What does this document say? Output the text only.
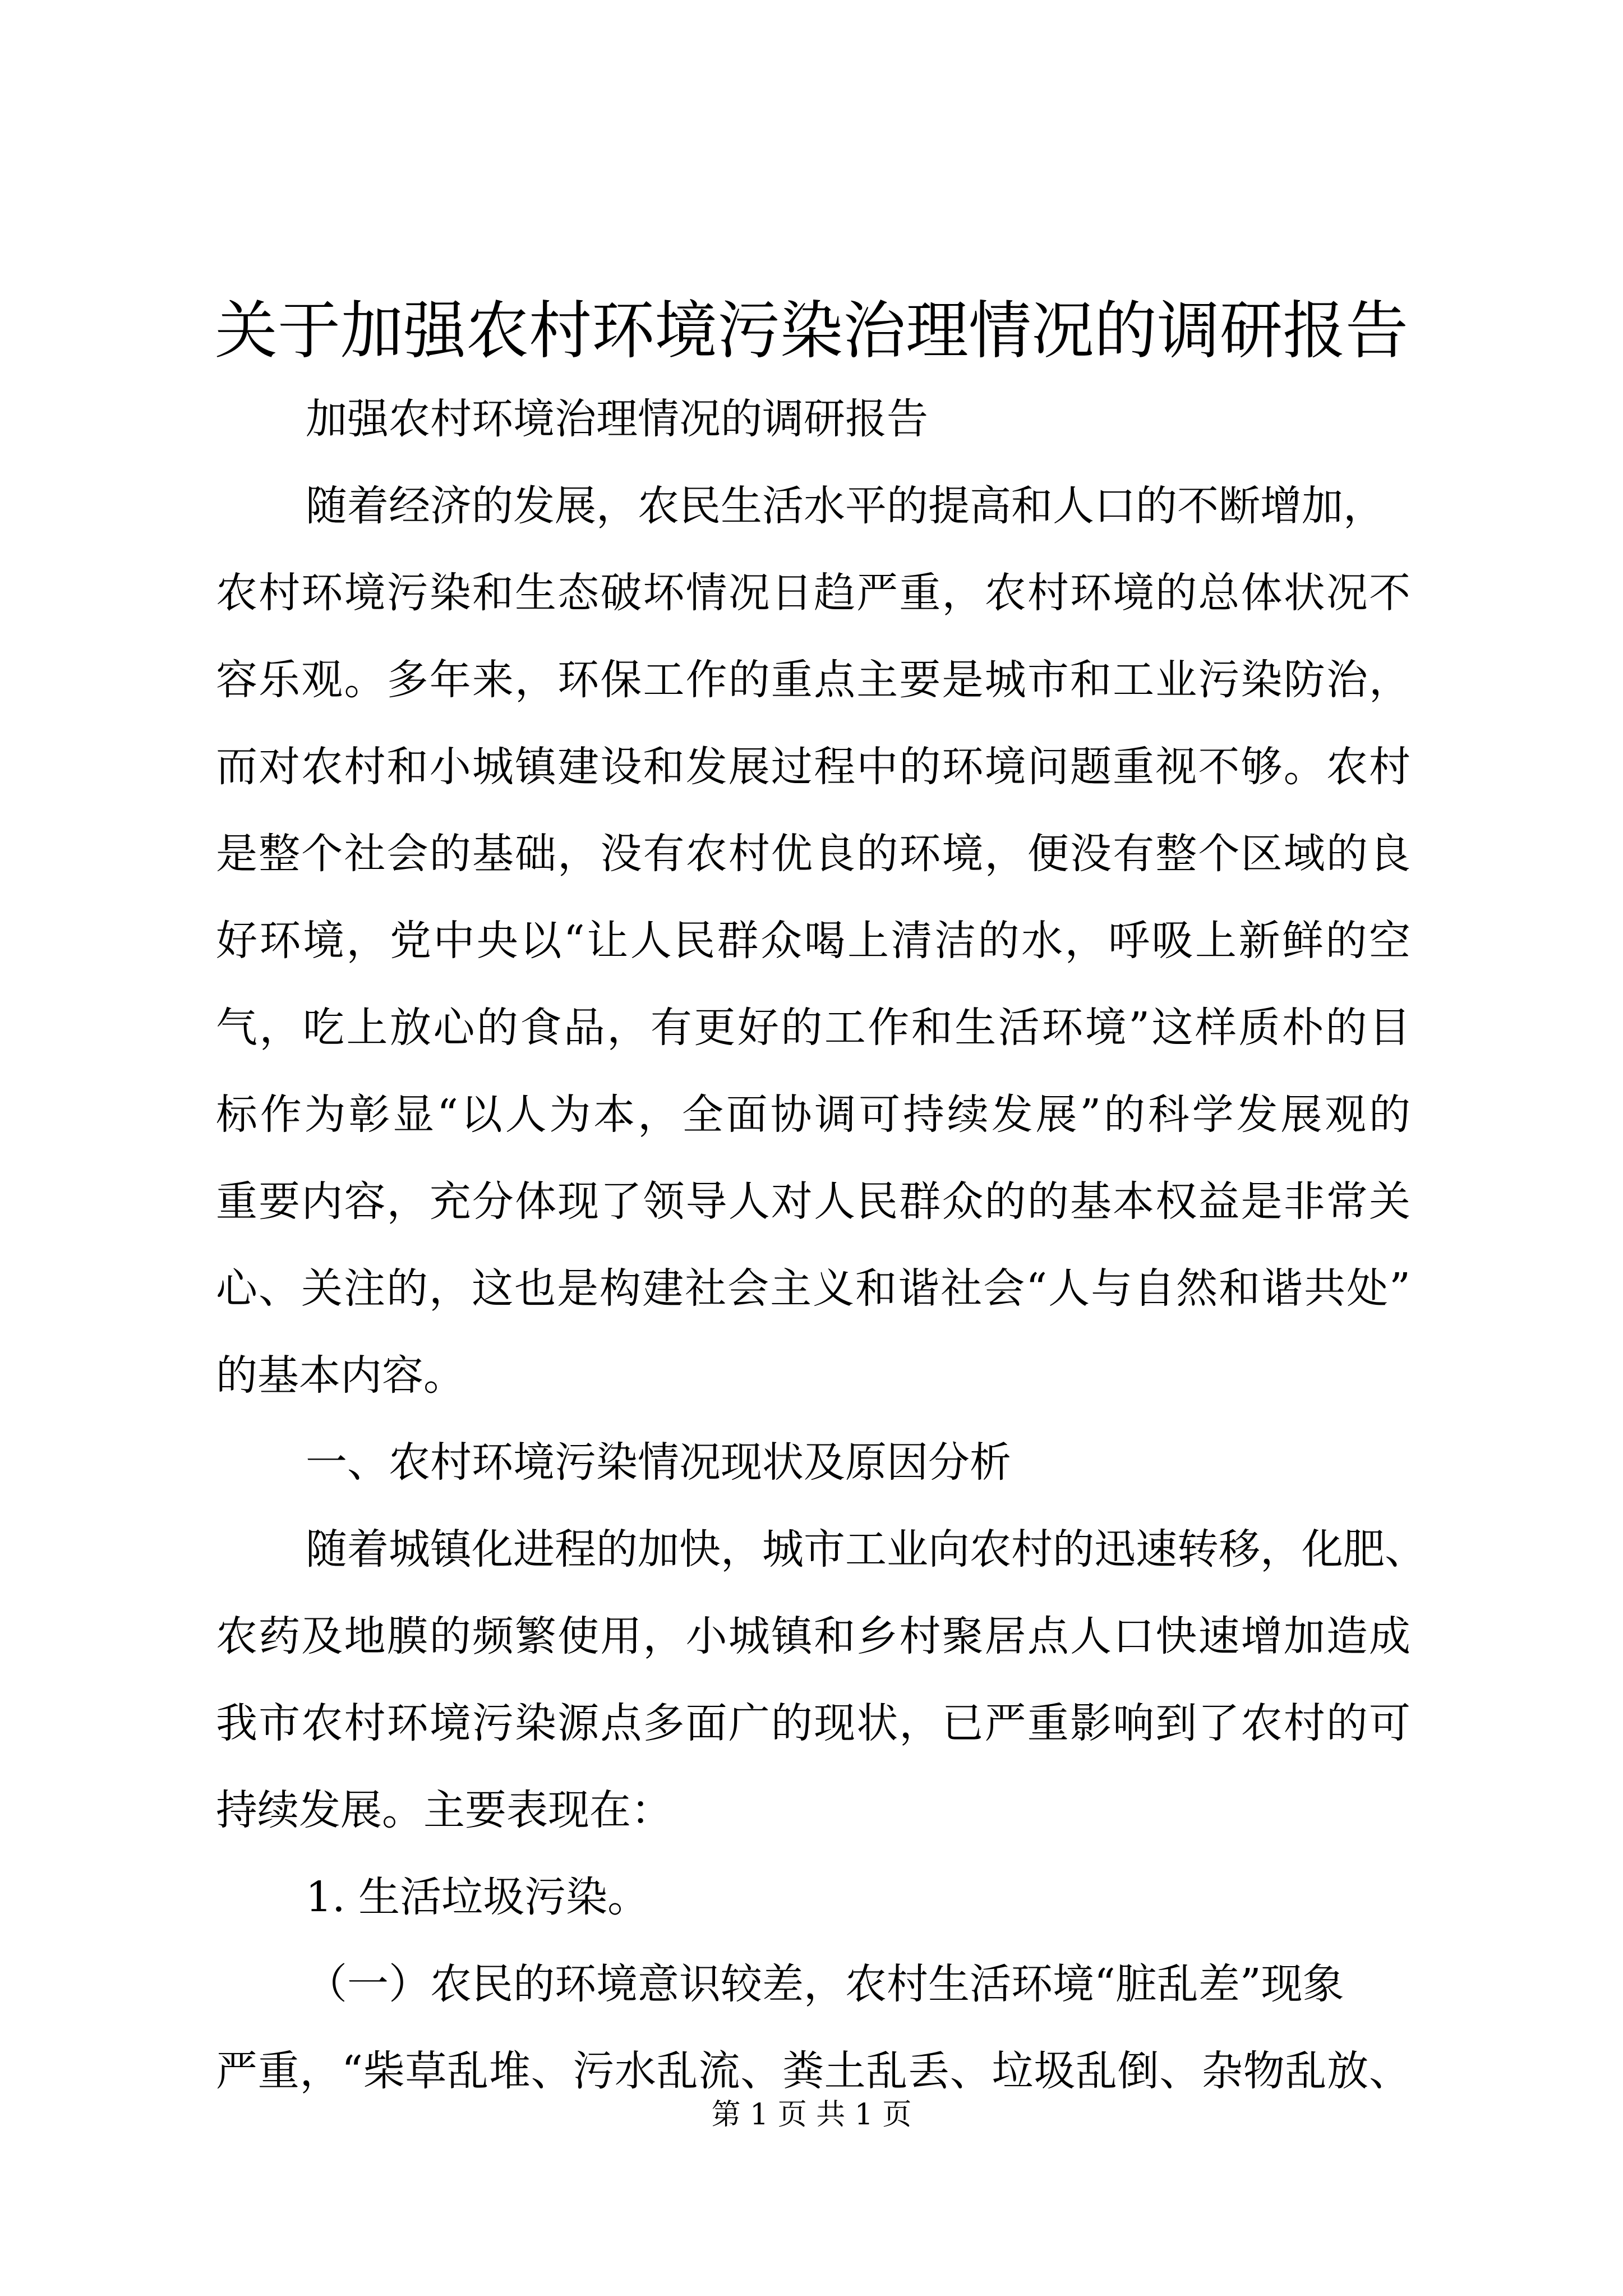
关于加强农村环境污染治理情况的调研报告
加强农村环境治理情况的调研报告
随着经济的发展，农民生活水平的提高和人口的不断增加，
农村环境污染和生态破坏情况日趋严重，农村环境的总体状况不
容乐观。多年来，环保工作的重点主要是城市和工业污染防治，
而对农村和小城镇建设和发展过程中的环境问题重视不够。农村
是整个社会的基础，没有农村优良的环境，便没有整个区域的良
好环境，党中央以“让人民群众喝上清洁的水，呼吸上新鲜的空
气，吃上放心的食品，有更好的工作和生活环境”这样质朴的目
标作为彰显“以人为本，全面协调可持续发展”的科学发展观的
重要内容，充分体现了领导人对人民群众的的基本权益是非常关
心、关注的，这也是构建社会主义和谐社会“人与自然和谐共处”
的基本内容。
一、农村环境污染情况现状及原因分析
随着城镇化进程的加快，城市工业向农村的迅速转移，化肥、
农药及地膜的频繁使用，小城镇和乡村聚居点人口快速增加造成
我市农村环境污染源点多面广的现状，已严重影响到了农村的可
持续发展。主要表现在：
1. 生活垃圾污染。
（一）农民的环境意识较差，农村生活环境“脏乱差”现象
严重，“柴草乱堆、污水乱流、粪土乱丢、垃圾乱倒、杂物乱放、
第 1 页 共 1 页
